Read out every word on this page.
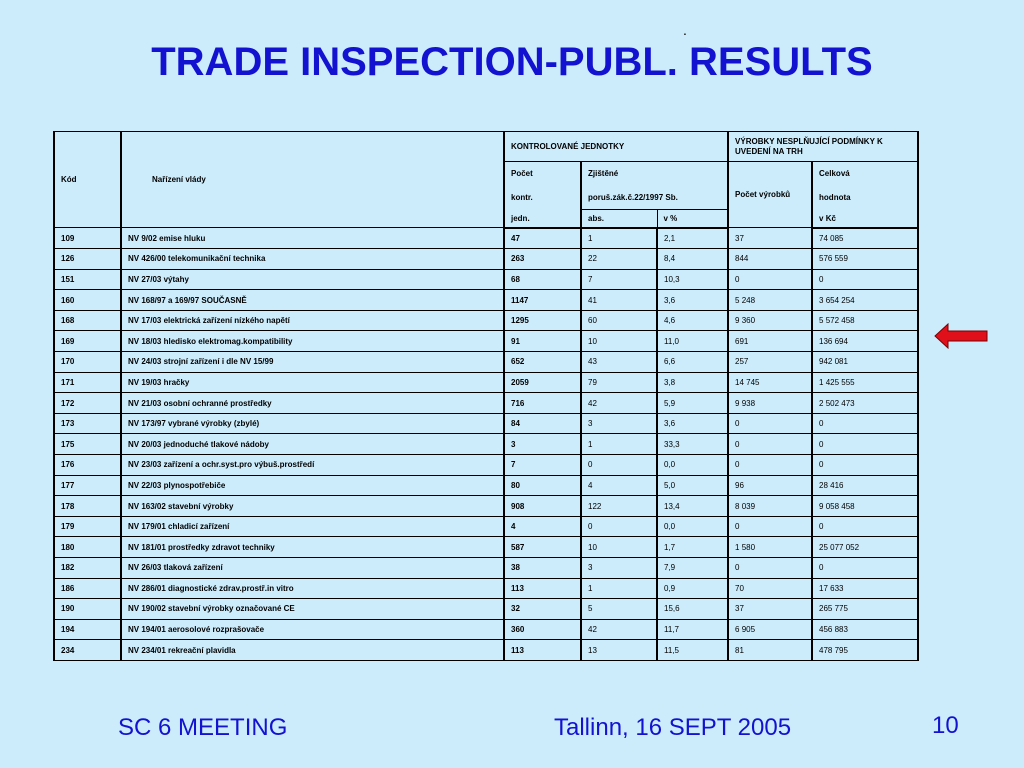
.
TRADE INSPECTION-PUBL. RESULTS
Kód	Nařízení vlády	KONTROLOVANÉ JEDNOTKY			VÝROBKY NESPLŇUJÍCÍ PODMÍNKY K UVEDENÍ NA TRH	
		Počet	Zjištěné		Počet výrobků	Celková
		kontr.	poruš.zák.č.22/1997 Sb.			hodnota
		jedn.	abs.	v %		v Kč
109	NV 9/02 emise hluku	47	1	2,1	37	74 085
126	NV 426/00 telekomunikační technika	263	22	8,4	844	576 559
151	NV 27/03 výtahy	68	7	10,3	0	0
160	NV 168/97 a 169/97 SOUČASNĚ	1147	41	3,6	5 248	3 654 254
168	NV 17/03 elektrická zařízení nízkého napětí	1295	60	4,6	9 360	5 572 458
169	NV 18/03 hledisko elektromag.kompatibility	91	10	11,0	691	136 694
170	NV 24/03 strojní zařízení i dle NV 15/99	652	43	6,6	257	942 081
171	NV 19/03 hračky	2059	79	3,8	14 745	1 425 555
172	NV 21/03 osobní ochranné prostředky	716	42	5,9	9 938	2 502 473
173	NV 173/97 vybrané výrobky (zbylé)	84	3	3,6	0	0
175	NV 20/03 jednoduché tlakové nádoby	3	1	33,3	0	0
176	NV 23/03 zařízení a ochr.syst.pro výbuš.prostředí	7	0	0,0	0	0
177	NV 22/03 plynospotřebiče	80	4	5,0	96	28 416
178	NV 163/02 stavební výrobky	908	122	13,4	8 039	9 058 458
179	NV 179/01 chladicí zařízení	4	0	0,0	0	0
180	NV 181/01 prostředky zdravot techniky	587	10	1,7	1 580	25 077 052
182	NV 26/03 tlaková zařízení	38	3	7,9	0	0
186	NV 286/01 diagnostické zdrav.prostř.in vitro	113	1	0,9	70	17 633
190	NV 190/02 stavební výrobky označované CE	32	5	15,6	37	265 775
194	NV 194/01 aerosolové rozprašovače	360	42	11,7	6 905	456 883
234	NV 234/01 rekreační plavidla	113	13	11,5	81	478 795
SC 6 MEETING	Tallinn, 16 SEPT 2005	10
